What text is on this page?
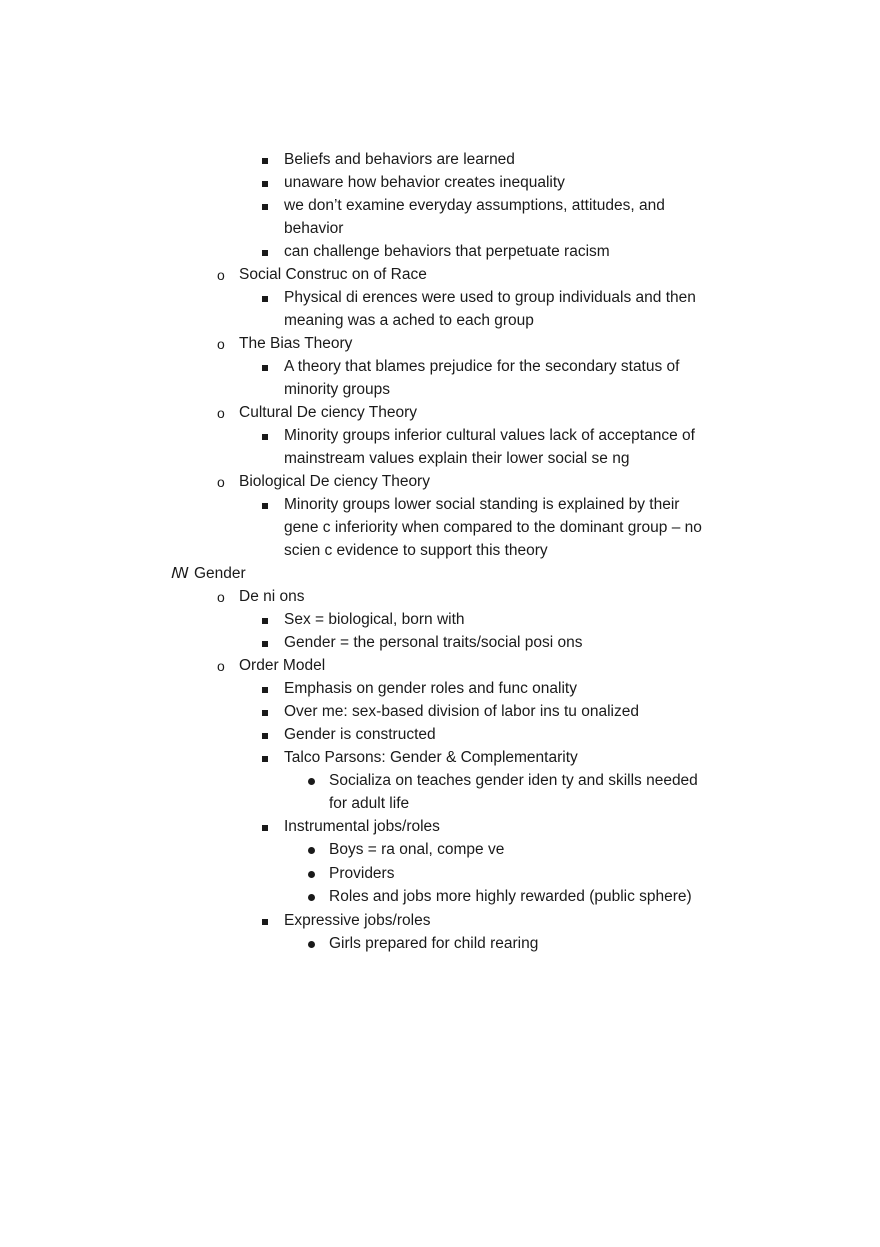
Beliefs and behaviors are learned
unaware how behavior creates inequality
we don’t examine everyday assumptions, attitudes, and
behavior
can challenge behaviors that perpetuate racism
o Social Construc on of Race
Physical di erences were used to group individuals and then
meaning was a ached to each group
o The Bias Theory
A theory that blames prejudice for the secondary status of
minority groups
o Cultural De ciency Theory
Minority groups inferior cultural values lack of acceptance of
mainstream values explain their lower social se ng
o Biological De ciency Theory
Minority groups lower social standing is explained by their
gene c inferiority when compared to the dominant group – no
scien c evidence to support this theory
ꟿ Gender
o De ni ons
Sex = biological, born with
Gender = the personal traits/social posi ons
o Order Model
Emphasis on gender roles and func onality
Over me: sex-based division of labor ins tu onalized
Gender is constructed
Talco Parsons: Gender & Complementarity
Socializa on teaches gender iden ty and skills needed
for adult life
Instrumental jobs/roles
Boys = ra onal, compe ve
Providers
Roles and jobs more highly rewarded (public sphere)
Expressive jobs/roles
Girls prepared for child rearing
